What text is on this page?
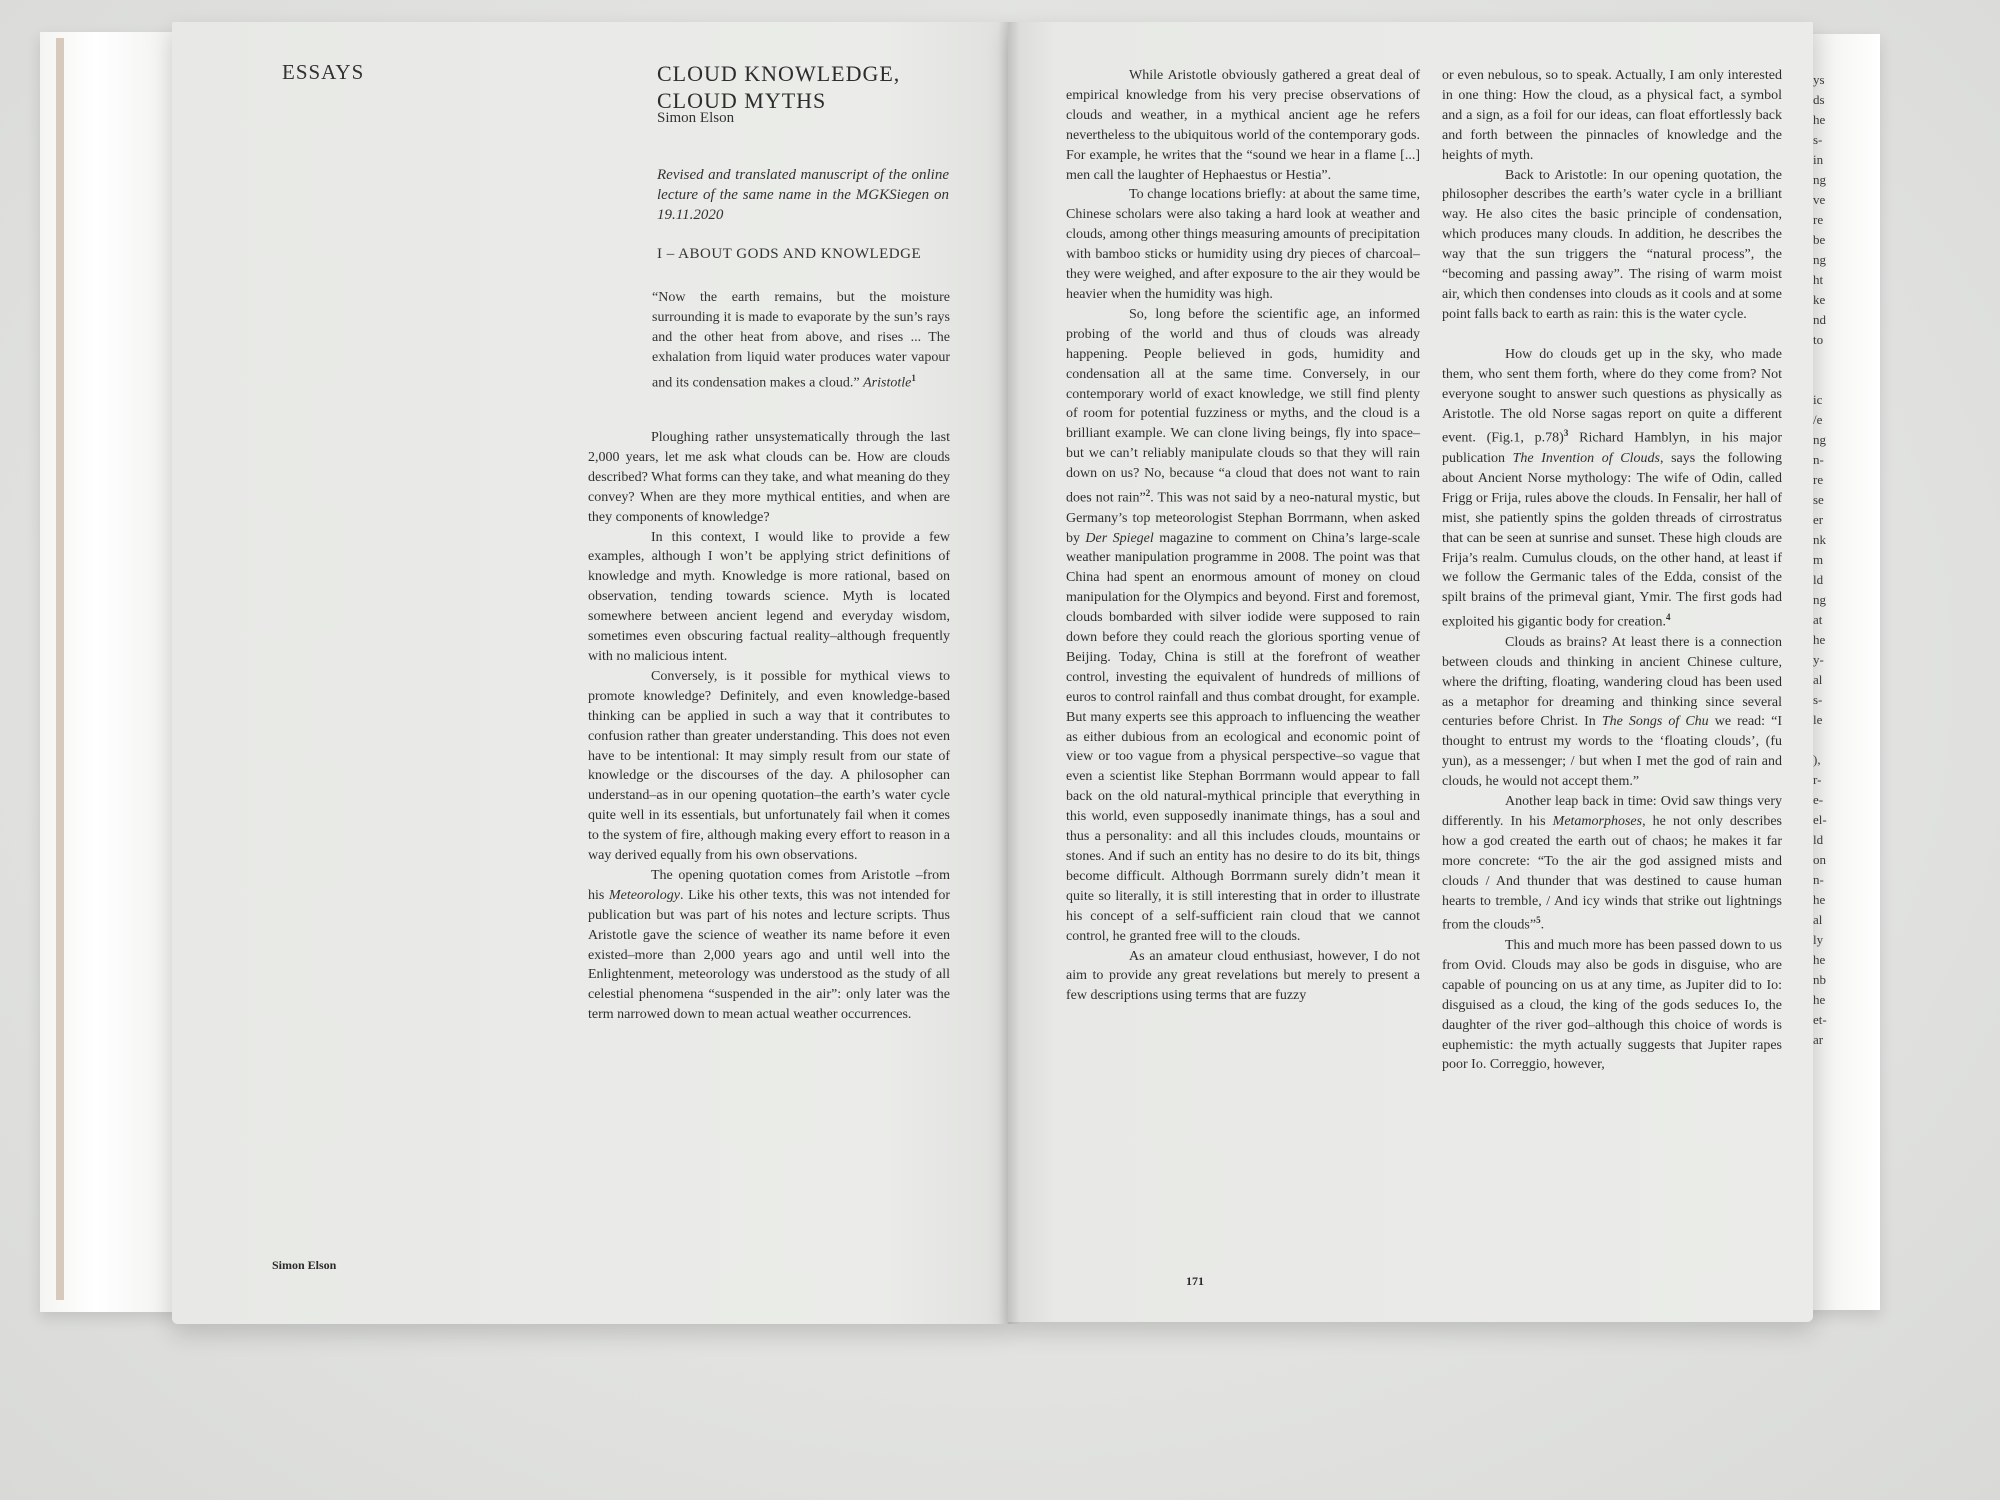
ys
ds
he
s-
in
ng
ve
re
be
ng
ht
ke
nd
to
ic
/e
ng
n-
re
se
er
nk
m
ld
ng
at
he
y-
al
s-
le
),
r-
e-
el-
ld
on
n-
he
al
ly
he
nb
he
et-
ar
ESSAYS	CLOUD KNOWLEDGE,
CLOUD MYTHS
Simon Elson
Revised and translated manuscript of the online lecture of the same name in the MGKSiegen on 19.11.2020
I – ABOUT GODS AND KNOWLEDGE
“Now the earth remains, but the moisture surrounding it is made to evaporate by the sun’s rays and the other heat from above, and rises ... The exhalation from liquid water produces water vapour and its condensation makes a cloud.” Aristotle$^1$

Ploughing rather unsystematically through the last 2,000 years, let me ask what clouds can be. How are clouds described? What forms can they take, and what meaning do they convey? When are they more mythical entities, and when are they components of knowledge?

In this context, I would like to provide a few examples, although I won’t be applying strict definitions of knowledge and myth. Knowledge is more rational, based on observation, tending towards science. Myth is located somewhere between ancient legend and everyday wisdom, sometimes even obscuring factual reality–although frequently with no malicious intent.

Conversely, is it possible for mythical views to promote knowledge? Definitely, and even knowledge-based thinking can be applied in such a way that it contributes to confusion rather than greater understanding. This does not even have to be intentional: It may simply result from our state of knowledge or the discourses of the day. A philosopher can understand–as in our opening quotation–the earth’s water cycle quite well in its essentials, but unfortunately fail when it comes to the system of fire, although making every effort to reason in a way derived equally from his own observations.

The opening quotation comes from Aristotle –from his Meteorology. Like his other texts, this was not intended for publication but was part of his notes and lecture scripts. Thus Aristotle gave the science of weather its name before it even existed–more than 2,000 years ago and until well into the Enlightenment, meteorology was understood as the study of all celestial phenomena “suspended in the air”: only later was the term narrowed down to mean actual weather occurrences.

Simon Elson

While Aristotle obviously gathered a great deal of empirical knowledge from his very precise observations of clouds and weather, in a mythical ancient age he refers nevertheless to the ubiquitous world of the contemporary gods. For example, he writes that the “sound we hear in a flame [...] men call the laughter of Hephaestus or Hestia”.

To change locations briefly: at about the same time, Chinese scholars were also taking a hard look at weather and clouds, among other things measuring amounts of precipitation with bamboo sticks or humidity using dry pieces of charcoal–they were weighed, and after exposure to the air they would be heavier when the humidity was high.

So, long before the scientific age, an informed probing of the world and thus of clouds was already happening. People believed in gods, humidity and condensation all at the same time. Conversely, in our contemporary world of exact knowledge, we still find plenty of room for potential fuzziness or myths, and the cloud is a brilliant example. We can clone living beings, fly into space–but we can’t reliably manipulate clouds so that they will rain down on us? No, because “a cloud that does not want to rain does not rain”$^2$. This was not said by a neo-natural mystic, but Germany’s top meteorologist Stephan Borrmann, when asked by Der Spiegel magazine to comment on China’s large-scale weather manipulation programme in 2008. The point was that China had spent an enormous amount of money on cloud manipulation for the Olympics and beyond. First and foremost, clouds bombarded with silver iodide were supposed to rain down before they could reach the glorious sporting venue of Beijing. Today, China is still at the forefront of weather control, investing the equivalent of hundreds of millions of euros to control rainfall and thus combat drought, for example. But many experts see this approach to influencing the weather as either dubious from an ecological and economic point of view or too vague from a physical perspective–so vague that even a scientist like Stephan Borrmann would appear to fall back on the old natural-mythical principle that everything in this world, even supposedly inanimate things, has a soul and thus a personality: and all this includes clouds, mountains or stones. And if such an entity has no desire to do its bit, things become difficult. Although Borrmann surely didn’t mean it quite so literally, it is still interesting that in order to illustrate his concept of a self-sufficient rain cloud that we cannot control, he granted free will to the clouds.

As an amateur cloud enthusiast, however, I do not aim to provide any great revelations but merely to present a few descriptions using terms that are fuzzy

or even nebulous, so to speak. Actually, I am only interested in one thing: How the cloud, as a physical fact, a symbol and a sign, as a foil for our ideas, can float effortlessly back and forth between the pinnacles of knowledge and the heights of myth.

Back to Aristotle: In our opening quotation, the philosopher describes the earth’s water cycle in a brilliant way. He also cites the basic principle of condensation, which produces many clouds. In addition, he describes the way that the sun triggers the “natural process”, the “becoming and passing away”. The rising of warm moist air, which then condenses into clouds as it cools and at some point falls back to earth as rain: this is the water cycle.

How do clouds get up in the sky, who made them, who sent them forth, where do they come from? Not everyone sought to answer such questions as physically as Aristotle. The old Norse sagas report on quite a different event. (Fig.1, p.78)$^3$ Richard Hamblyn, in his major publication The Invention of Clouds, says the following about Ancient Norse mythology: The wife of Odin, called Frigg or Frija, rules above the clouds. In Fensalir, her hall of mist, she patiently spins the golden threads of cirrostratus that can be seen at sunrise and sunset. These high clouds are Frija’s realm. Cumulus clouds, on the other hand, at least if we follow the Germanic tales of the Edda, consist of the spilt brains of the primeval giant, Ymir. The first gods had exploited his gigantic body for creation.$^4$

Clouds as brains? At least there is a connection between clouds and thinking in ancient Chinese culture, where the drifting, floating, wandering cloud has been used as a metaphor for dreaming and thinking since several centuries before Christ. In The Songs of Chu we read: “I thought to entrust my words to the ‘floating clouds’, (fu yun), as a messenger; / but when I met the god of rain and clouds, he would not accept them.”

Another leap back in time: Ovid saw things very differently. In his Metamorphoses, he not only describes how a god created the earth out of chaos; he makes it far more concrete: “To the air the god assigned mists and clouds / And thunder that was destined to cause human hearts to tremble, / And icy winds that strike out lightnings from the clouds”$^5$.

This and much more has been passed down to us from Ovid. Clouds may also be gods in disguise, who are capable of pouncing on us at any time, as Jupiter did to Io: disguised as a cloud, the king of the gods seduces Io, the daughter of the river god–although this choice of words is euphemistic: the myth actually suggests that Jupiter rapes poor Io. Correggio, however,

171
